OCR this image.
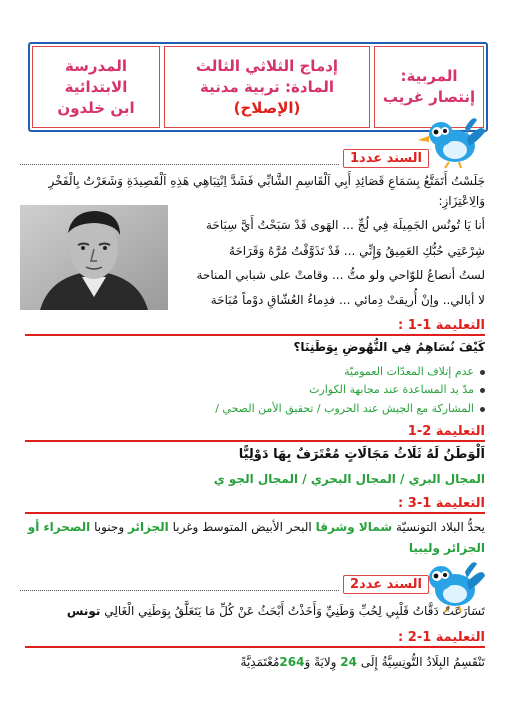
المربية:
إنتصار غريب
إدماج الثلاثي الثالث
المادة: تربية مدنية
(الإصلاح)
المدرسة الابتدائية
ابن خلدون
السند عدد1
جَلَسْتُ أَتَمَتَّعُ بِسَمَاعِ قَصَائِدِ أَبِي اَلْقَاسِمِ الشَّابِّي فَشَدَّ اِنْتِبَاهِي هَذِهِ اَلْقَصِيدَةِ وَشَعَرْتُ بِالْفَخْرِ
وَالِاعْتِزَازِ:
أنا يَا تُونُس الجَمِيلَة فِي لُجِّ ... الهَوى قَدْ سَبَحْتُ أَيَّ سِبَاحَة
شِرْعَتِي حُبُّكِ العَمِيقُ وَإِنِّي ... قَدْ تَذَوَّقْتُ مُرَّهُ وَقَرَاحَهُ
لستُ أنصاعُ للوّاحي ولو متُّ ... وقامتْ على شبابي المناحة
لا أبالي.. وإنْ أُريقتْ دِمائي ... فدِماءُ العُشّاقِ دوْماً مُبَاحَة
التعليمة 1-1 :
كَيْفَ نُسَاهِمُ فِي النُّهُوضِ بِوَطَنِنَا؟
عدم إتلاف المعدّات العموميّة
مدّ يد المساعدة عند مجابهة الكوارث
المشاركة مع الجيش عند الحروب / تحقيق الأمن الصحي /
التعليمة 2-1
اَلْوَطَنُ لَهُ ثَلَاثُ مَجَالَاتٍ مُعْتَرَفٌ بِهَا دَوْلِيًّا
المجال البري / المجال البحري / المجال الجو ي
التعليمة 1-3 :
يحدُّ البلاد التونسيّة شمالا وشرقا البحر الأبيض المتوسط وغربا الجزائر وجنوبا الصحراء أو
الجزائر وليبيا
السند عدد2
تَسَارَعَتْ دَقَّاتُ قَلْبِي لِحُبِّ وَطَنِيِّ وَأَخَذْتُ أَبْحَثُ عَنْ كُلِّ مَا يَتَعَلَّقُ بِوَطَنِي الْغَالِي تونس
التعليمة 1-2 :
تَنْقَسِمُ البِلَادُ التُّونِسِيَّةُ إِلَى 24 وِلايَةً وَ264مُعْتَمَدِيَّةً
